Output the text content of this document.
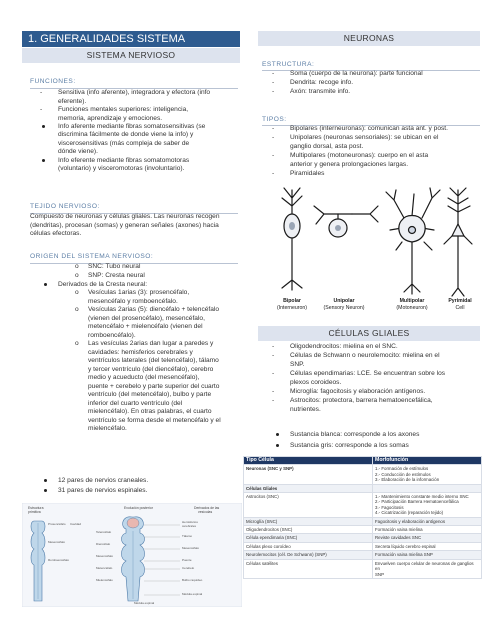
1. GENERALIDADES SISTEMA
SISTEMA NERVIOSO
FUNCIONES:
- Sensitiva (info aferente), integradora y efectora (info
eferente).
- Funciones mentales superiores: inteligencia,
memoria, aprendizaje y emociones.
Info aferente mediante fibras somatosensitivas (se
discrimina fácilmente de donde viene la info) y
viscerosensitivas (más compleja de saber de
dónde viene).
Info eferente mediante fibras somatomotoras
(voluntario) y visceromotoras (involuntario).
TEJIDO NERVIOSO:
Compuesto de neuronas y células gliales. Las neuronas recogen
(dendritas), procesan (somas) y generan señales (axones) hacia
células efectoras.
ORIGEN DEL SISTEMA NERVIOSO:
o SNC: Tubo neural
o SNP: Cresta neural
Derivados de la Cresta neural:
o Vesículas 1arias (3): prosencéfalo,
mesencéfalo y romboencéfalo.
o Vesículas 2arias (5): diencéfalo + telencéfalo
(vienen del prosencéfalo), mesencéfalo,
metencéfalo + mielencéfalo (vienen del
romboencéfalo).
o Las vesículas 2arias dan lugar a paredes y
cavidades: hemisferios cerebrales y
ventrículos laterales (del telencéfalo), tálamo
y tercer ventrículo (del diencéfalo), cerebro
medio y acueducto (del mesencéfalo),
puente + cerebelo y parte superior del cuarto
ventrículo (del metencéfalo), bulbo y parte
inferior del cuarto ventrículo (del
mielencéfalo). En otras palabras, el cuarto
ventrículo se forma desde el metencéfalo y el
mielencéfalo.
12 pares de nervios craneales.
31 pares de nervios espinales.
Estructura
primitiva
Evolución posterior	Derivados de las
vesículas
Prosencéfalo Cavidad
Mesencéfalo
Romboencéfalo
Telencéfalo
Diencéfalo
Mesencéfalo
Metencéfalo
Mielencéfalo
Médula espinal
Hemisferios
cerebrales
Tálamo
Mesencéfalo
Puente
Cerebelo
Bulbo raquídeo
Médula espinal
NEURONAS
ESTRUCTURA:
- Soma (cuerpo de la neurona): parte funcional
- Dendrita: recoge info.
- Axón: transmite info.
TIPOS:
- Bipolares (interneuronas): comunican asta ant. y post.
- Unipolares (neuronas sensoriales): se ubican en el
ganglio dorsal, asta post.
- Multipolares (motoneuronas): cuerpo en el asta
anterior y genera prolongaciones largas.
- Piramidales
Bipolar
(Interneuron)
Unipolar
(Sensory Neuron)
Multipolar
(Motoneuron)
Pyrimidal
Cell
CÉLULAS GLIALES
- Oligodendrocitos: mielina en el SNC.
- Células de Schwann o neurolemocito: mielina en el
SNP.
- Células ependimarias: LCE. Se encuentran sobre los
plexos coroideos.
- Microglía: fagocitosis y elaboración antígenos.
- Astrocitos: protectora, barrera hematoencefálica,
nutrientes.
Sustancia blanca: corresponde a los axones
Sustancia gris: corresponde a los somas
Tipo Célula	Morfofunción
Neuronas (SNC y SNP)	1.- Formación de estímulos
2.- Conducción de estímulos
3.- Elaboración de la información

Células Gliales	

Astrocitos (SNC)	1.- Mantenimiento constante medio interno SNC
2.- Participación Barrera Hematoencefálica
3.- Fagocitosis
4.- Cicatrización (reparación tejido)

Microglía (SNC)	Fagocitosis y elaboración antígenos

Oligodendrocitos (SNC)	Formación vaina mielina

Célula ependimaria (SNC)	Reviste cavidades SNC

Células plexo coroídeo	Secreta líquido cerebro espinal

Neurolemocitos (cél. De Schwann) (SNP)	Formación vaina mielina SNP

Células satélites	Envuelven cuerpo celular de neuronas de ganglios en
SNP
